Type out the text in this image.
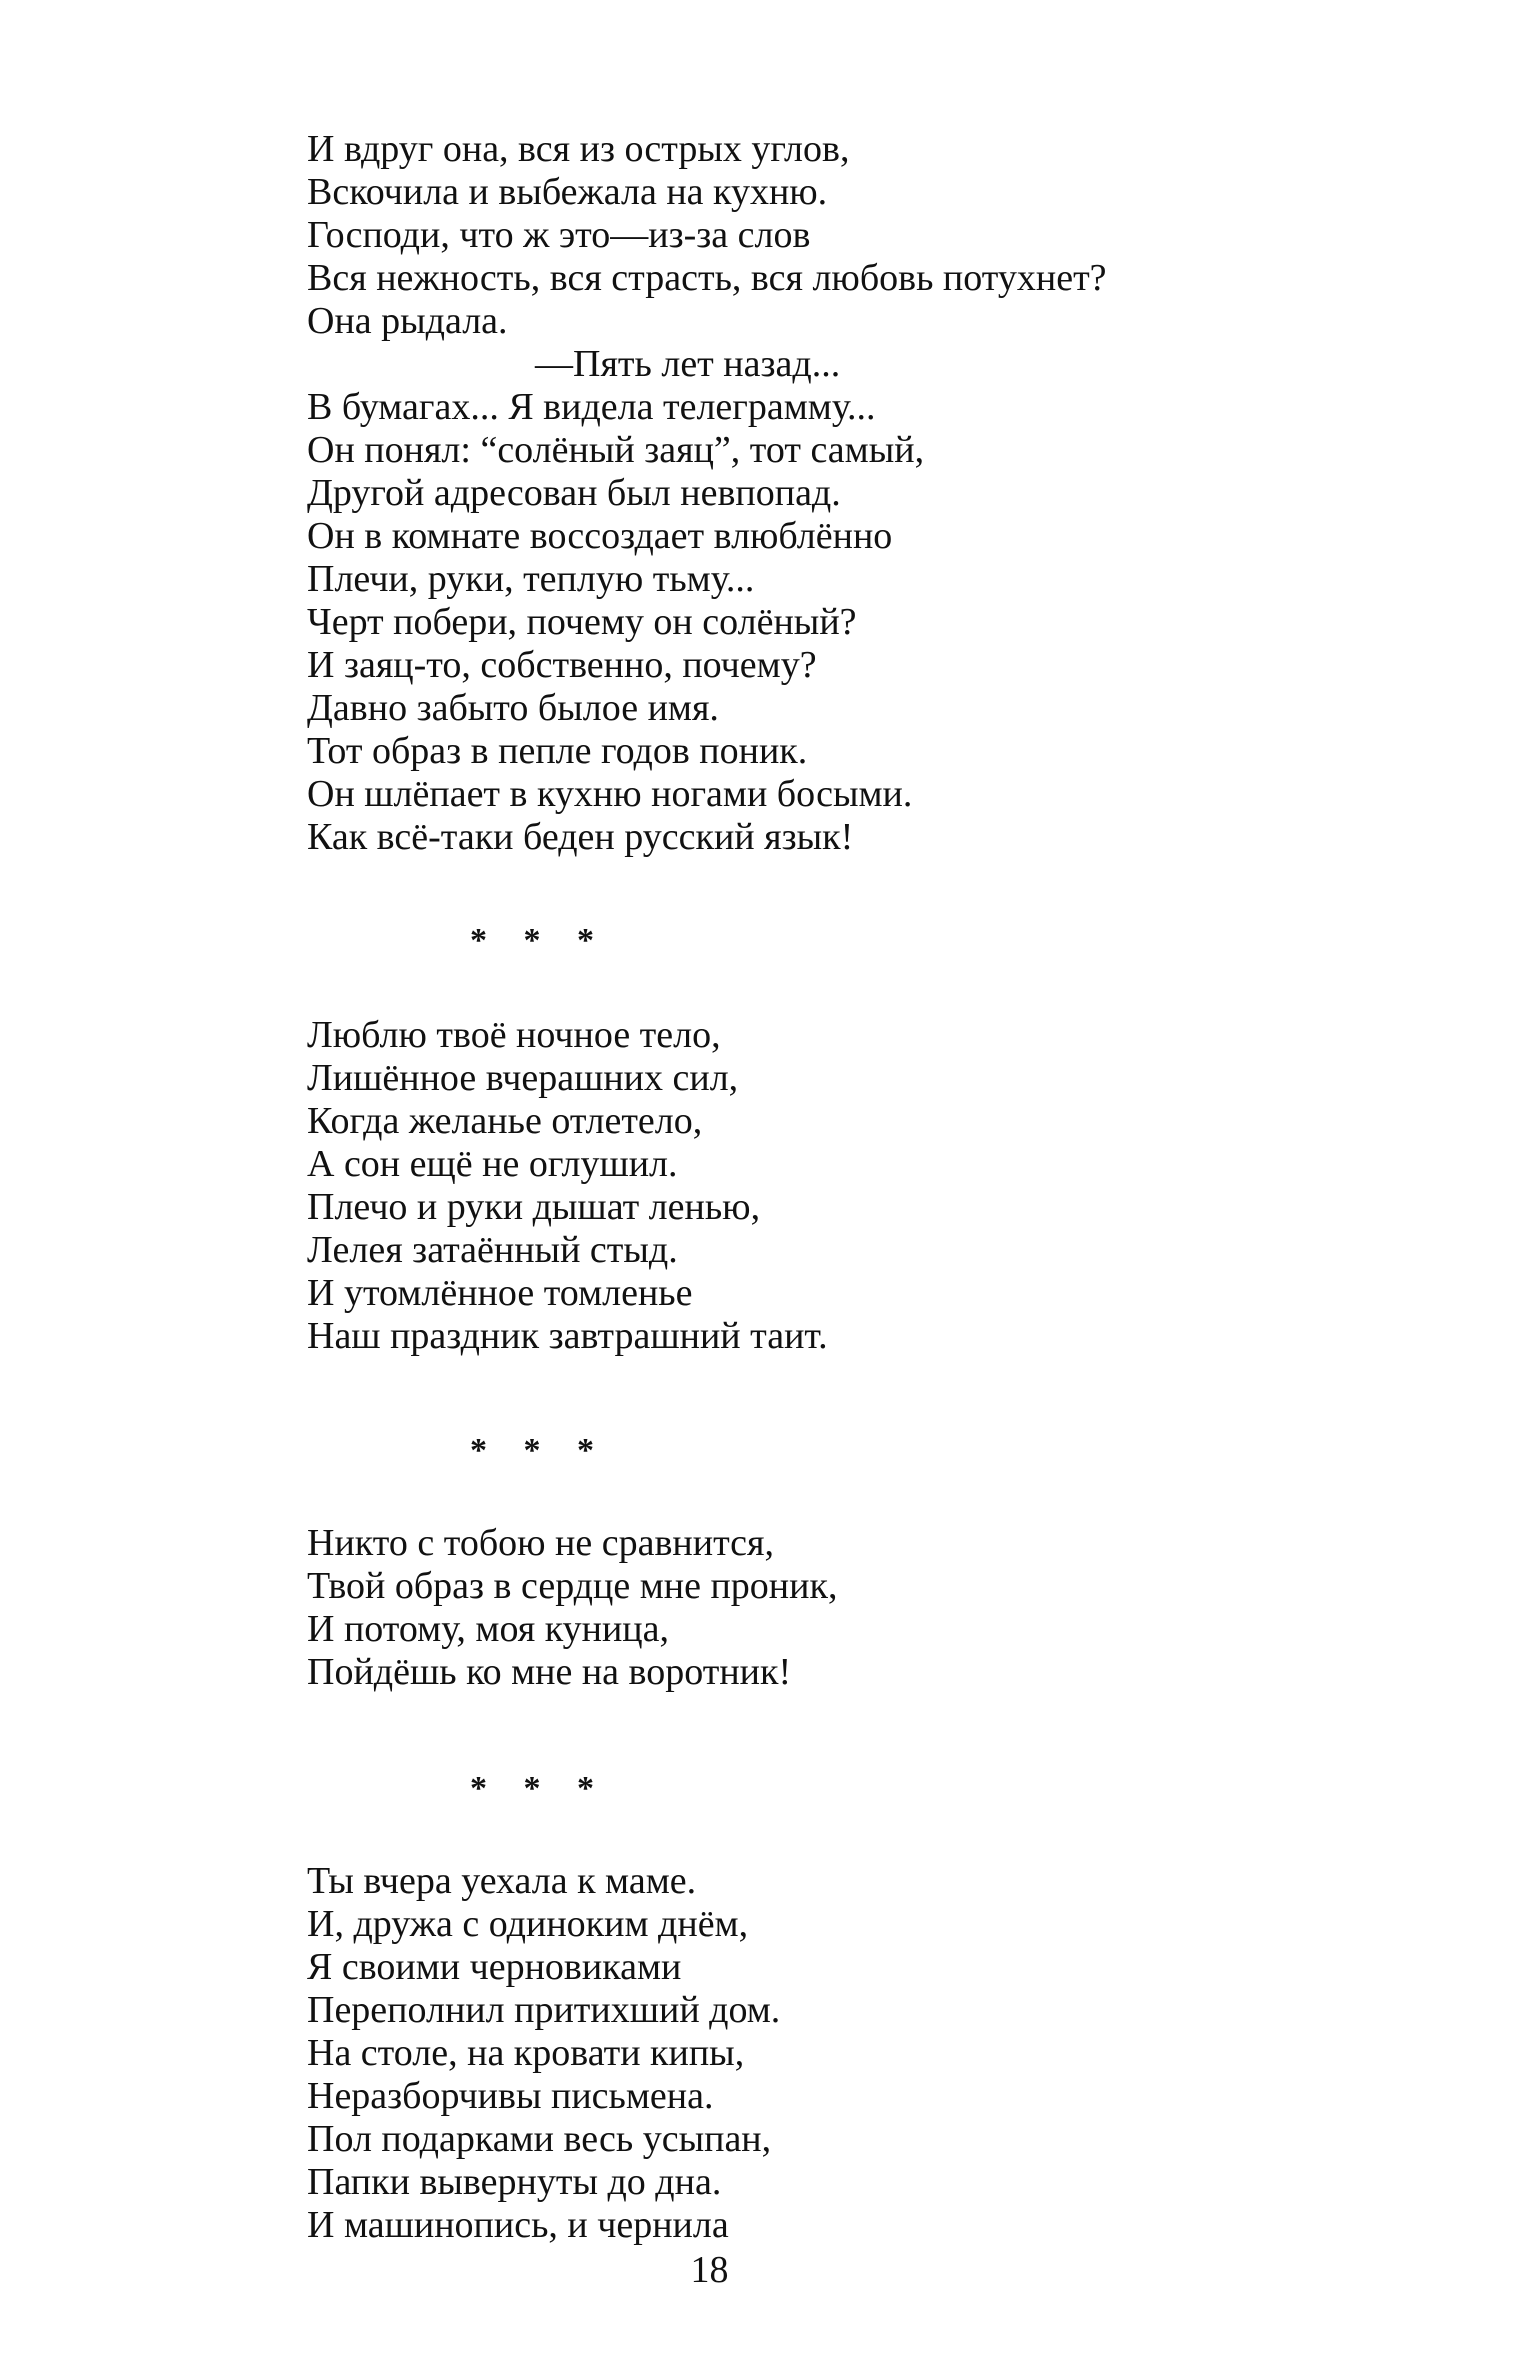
И вдруг она, вся из острых углов,
Вскочила и выбежала на кухню.
Господи, что ж это—из-за слов
Вся нежность, вся страсть, вся любовь потухнет?
Она рыдала.
—Пять лет назад...
В бумагах... Я видела телеграмму...
Он понял: “солёный заяц”, тот самый,
Другой адресован был невпопад.
Он в комнате воссоздает влюблённо
Плечи, руки, теплую тьму...
Черт побери, почему он солёный?
И заяц-то, собственно, почему?
Давно забыто былое имя.
Тот образ в пепле годов поник.
Он шлёпает в кухню ногами босыми.
Как всё-таки беден русский язык!
* * *
Люблю твоё ночное тело,
Лишённое вчерашних сил,
Когда желанье отлетело,
А сон ещё не оглушил.
Плечо и руки дышат ленью,
Лелея затаённый стыд.
И утомлённое томленье
Наш праздник завтрашний таит.
* * *
Никто с тобою не сравнится,
Твой образ в сердце мне проник,
И потому, моя куница,
Пойдёшь ко мне на воротник!
* * *
Ты вчера уехала к маме.
И, дружа с одиноким днём,
Я своими черновиками
Переполнил притихший дом.
На столе, на кровати кипы,
Неразборчивы письмена.
Пол подарками весь усыпан,
Папки вывернуты до дна.
И машинопись, и чернила
18
